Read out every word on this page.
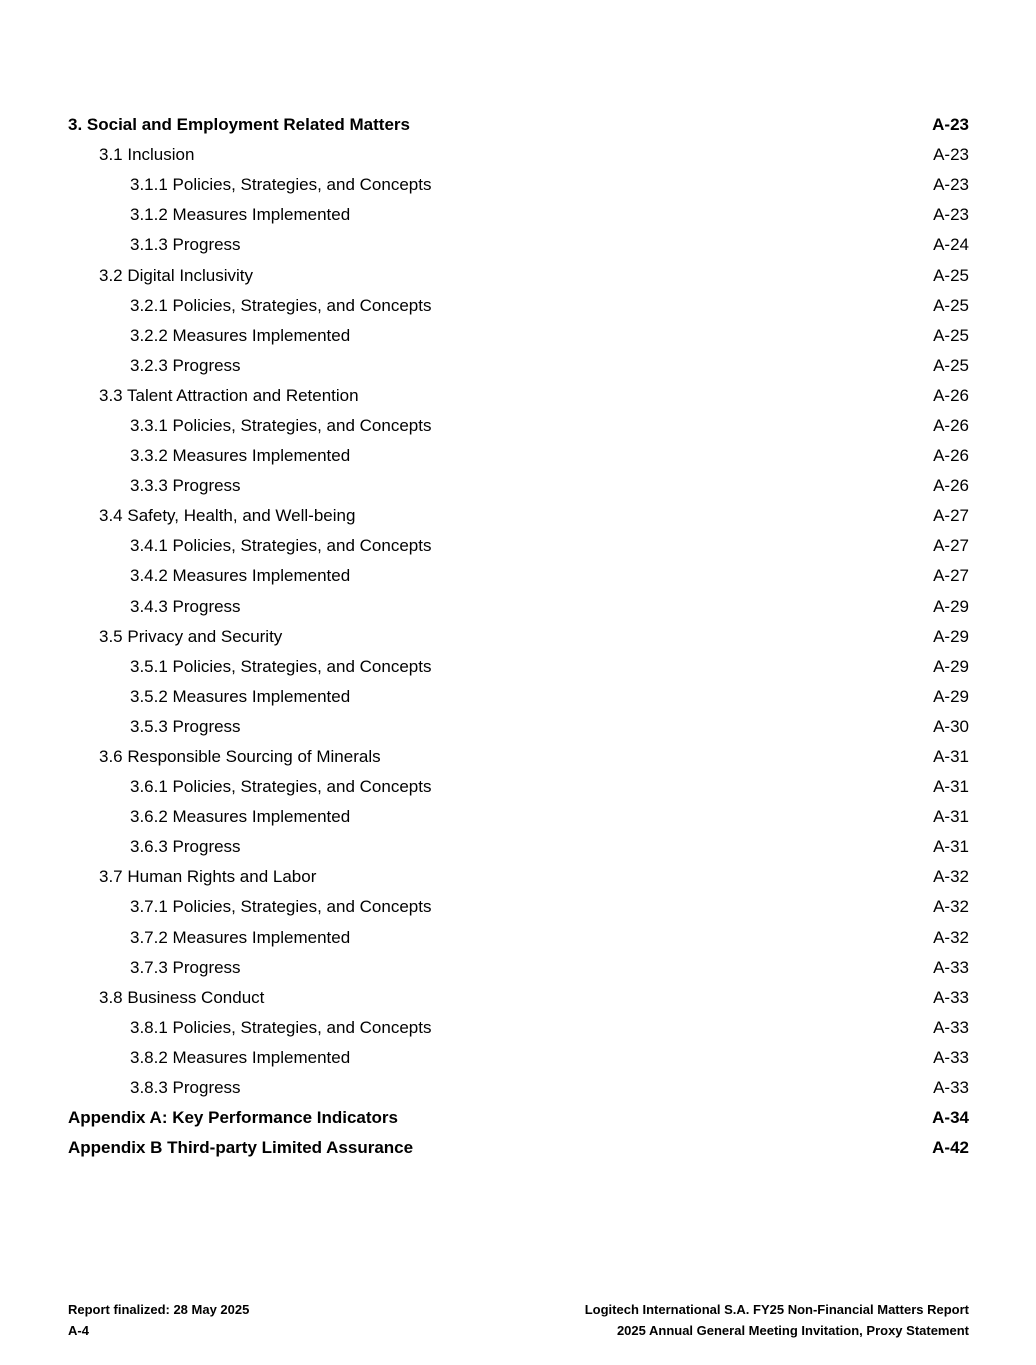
3. Social and Employment Related Matters	A-23
3.1 Inclusion	A-23
3.1.1 Policies, Strategies, and Concepts	A-23
3.1.2 Measures Implemented	A-23
3.1.3 Progress	A-24
3.2 Digital Inclusivity	A-25
3.2.1 Policies, Strategies, and Concepts	A-25
3.2.2 Measures Implemented	A-25
3.2.3 Progress	A-25
3.3 Talent Attraction and Retention	A-26
3.3.1 Policies, Strategies, and Concepts	A-26
3.3.2 Measures Implemented	A-26
3.3.3 Progress	A-26
3.4 Safety, Health, and Well-being	A-27
3.4.1 Policies, Strategies, and Concepts	A-27
3.4.2 Measures Implemented	A-27
3.4.3 Progress	A-29
3.5 Privacy and Security	A-29
3.5.1 Policies, Strategies, and Concepts	A-29
3.5.2 Measures Implemented	A-29
3.5.3 Progress	A-30
3.6 Responsible Sourcing of Minerals	A-31
3.6.1 Policies, Strategies, and Concepts	A-31
3.6.2 Measures Implemented	A-31
3.6.3 Progress	A-31
3.7 Human Rights and Labor	A-32
3.7.1 Policies, Strategies, and Concepts	A-32
3.7.2 Measures Implemented	A-32
3.7.3 Progress	A-33
3.8 Business Conduct	A-33
3.8.1 Policies, Strategies, and Concepts	A-33
3.8.2 Measures Implemented	A-33
3.8.3 Progress	A-33
Appendix A: Key Performance Indicators	A-34
Appendix B Third-party Limited Assurance	A-42
Report finalized: 28 May 2025
A-4
Logitech International S.A. FY25 Non-Financial Matters Report
2025 Annual General Meeting Invitation, Proxy Statement
